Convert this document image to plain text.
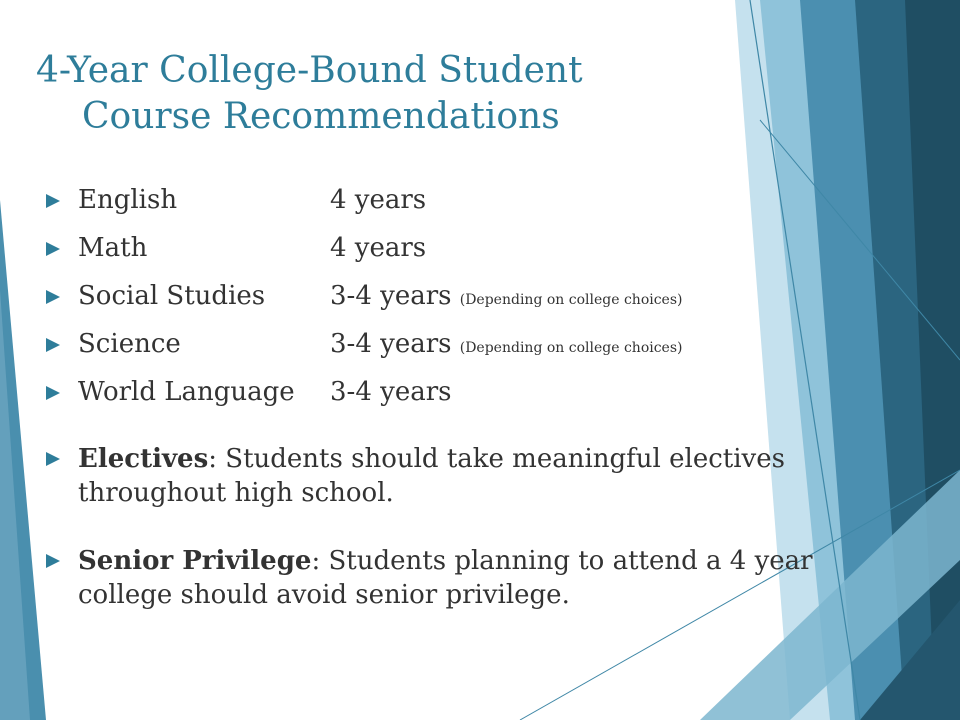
4-Year College-Bound Student
Course Recommendations
English	4 years
Math	4 years
Social Studies 3-4 years (Depending on college choices)
Science	3-4 years (Depending on college choices)
World Language 3-4 years
Electives: Students should take meaningful electives throughout high school.
Senior Privilege: Students planning to attend a 4 year college should avoid senior privilege.
